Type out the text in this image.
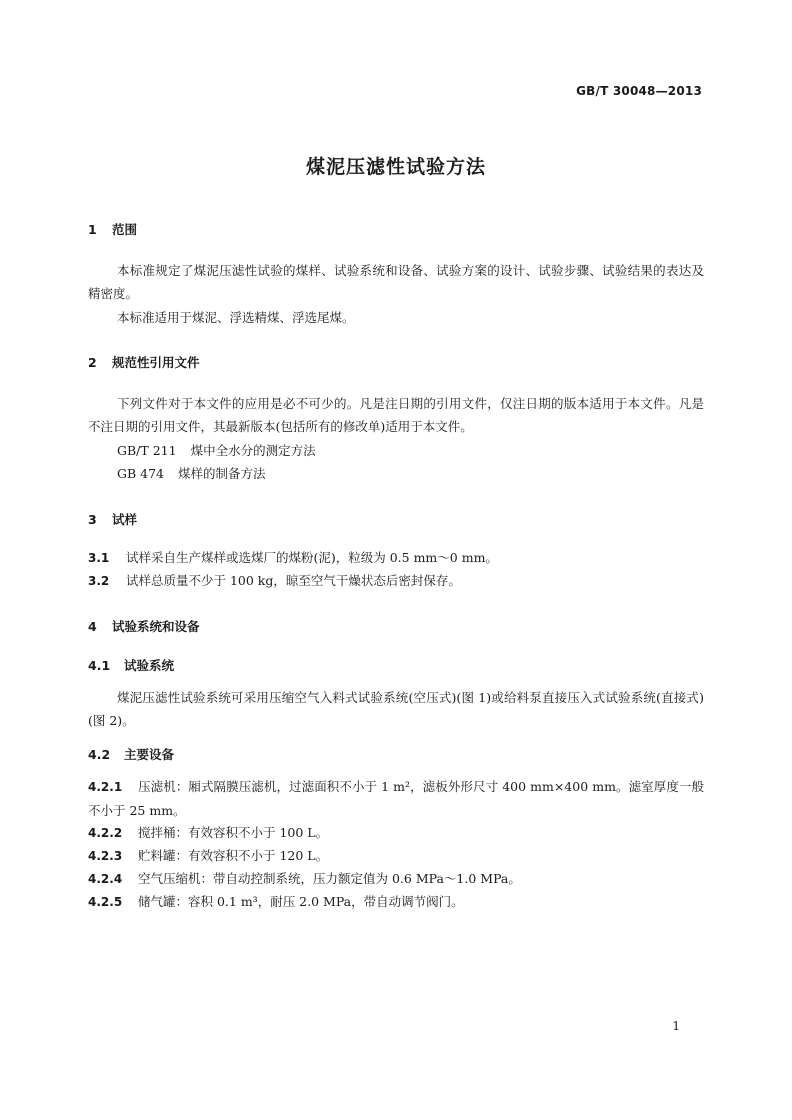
GB/T 30048—2013
煤泥压滤性试验方法
1 范围
本标准规定了煤泥压滤性试验的煤样、试验系统和设备、试验方案的设计、试验步骤、试验结果的表达及精密度。
本标准适用于煤泥、浮选精煤、浮选尾煤。
2 规范性引用文件
下列文件对于本文件的应用是必不可少的。凡是注日期的引用文件，仅注日期的版本适用于本文件。凡是不注日期的引用文件，其最新版本(包括所有的修改单)适用于本文件。
GB/T 211 煤中全水分的测定方法
GB 474 煤样的制备方法
3 试样
3.1 试样采自生产煤样或选煤厂的煤粉(泥)，粒级为 0.5 mm～0 mm。
3.2 试样总质量不少于 100 kg，晾至空气干燥状态后密封保存。
4 试验系统和设备
4.1 试验系统
煤泥压滤性试验系统可采用压缩空气入料式试验系统(空压式)(图 1)或给料泵直接压入式试验系统(直接式)(图 2)。
4.2 主要设备
4.2.1 压滤机：厢式隔膜压滤机，过滤面积不小于 1 m²，滤板外形尺寸 400 mm×400 mm。滤室厚度一般不小于 25 mm。
4.2.2 搅拌桶：有效容积不小于 100 L。
4.2.3 贮料罐：有效容积不小于 120 L。
4.2.4 空气压缩机：带自动控制系统，压力额定值为 0.6 MPa～1.0 MPa。
4.2.5 储气罐：容积 0.1 m³，耐压 2.0 MPa，带自动调节阀门。
1
